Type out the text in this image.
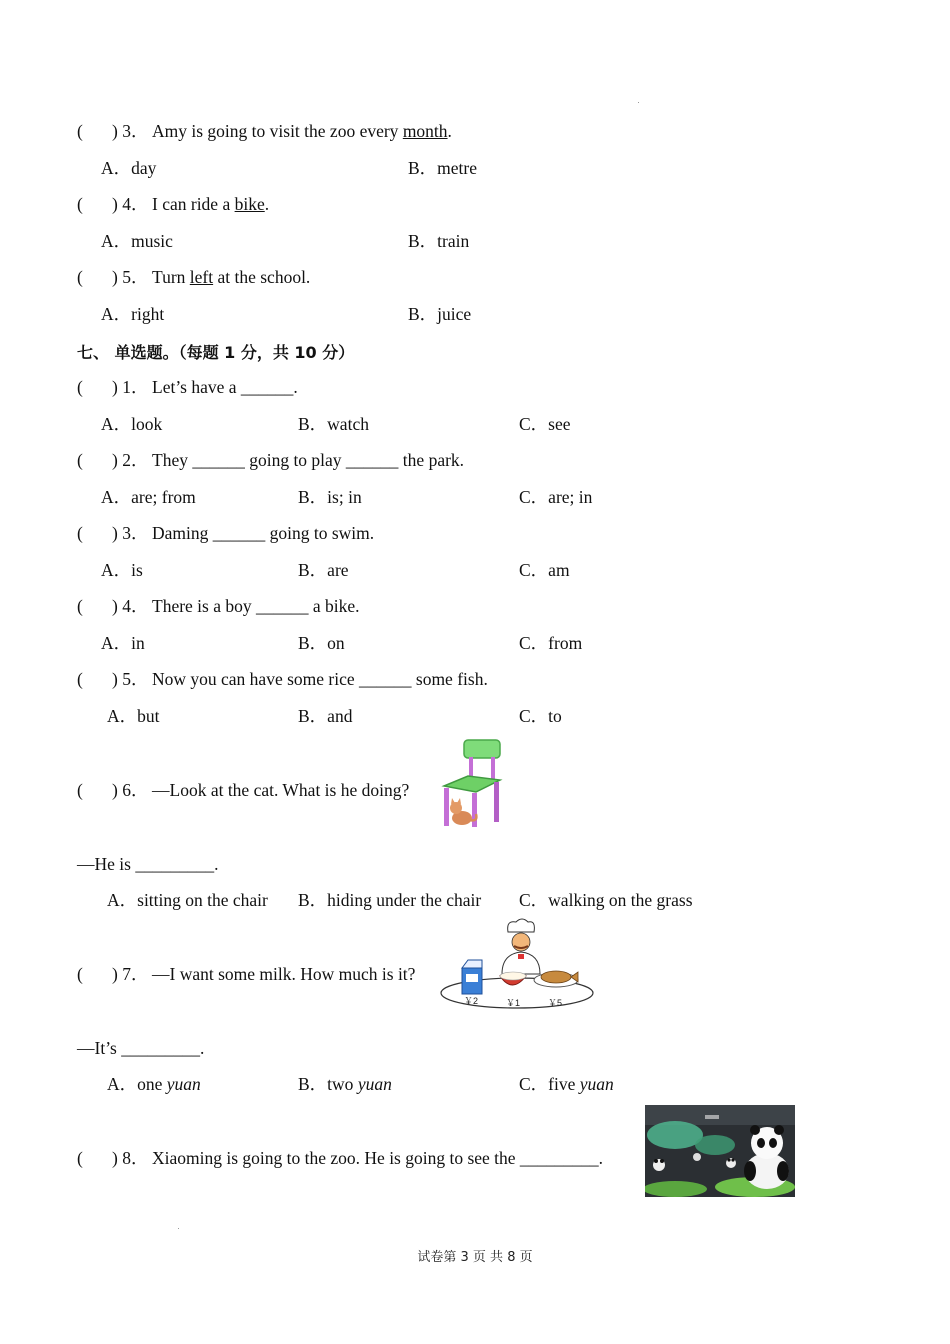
( ) 3． Amy is going to visit the zoo every month.
A．day	B．metre
( ) 4． I can ride a bike.
A．music	B．train
( ) 5． Turn left at the school.
A．right	B．juice
七、 单选题。（每题 1 分，共 10 分）
( ) 1． Let’s have a ______.
A．look	B．watch	C．see
( ) 2． They ______ going to play ______ the park.
A．are; from	B．is; in	C．are; in
( ) 3． Daming ______ going to swim.
A．is	B．are	C．am
( ) 4． There is a boy ______ a bike.
A．in	B．on	C．from
( ) 5． Now you can have some rice ______ some fish.
A．but	B．and	C．to
( ) 6． —Look at the cat. What is he doing?
—He is _________.
A．sitting on the chair B．hiding under the chair C．walking on the grass
( ) 7． —I want some milk. How much is it?
￥2	￥1	￥5
—It’s _________.
A．one yuan	B．two yuan	C．five yuan
( ) 8． Xiaoming is going to the zoo. He is going to see the _________.
试卷第 3 页 共 8 页
